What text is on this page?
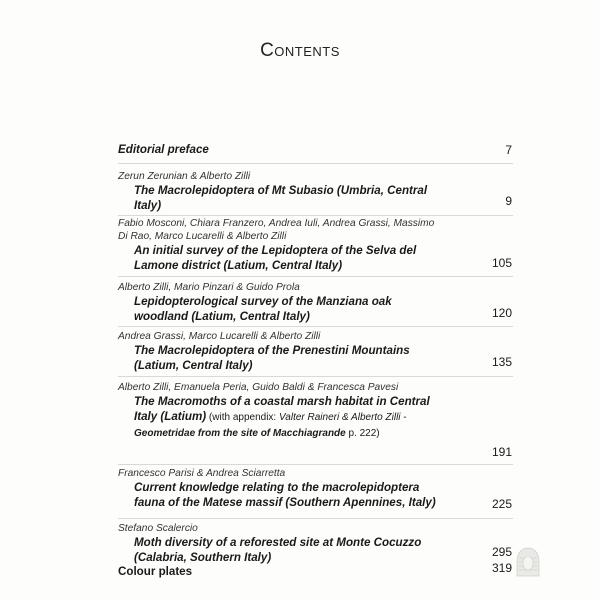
Contents
Editorial preface	7
Zerun Zerunian & Alberto Zilli
The Macrolepidoptera of Mt Subasio (Umbria, Central
Italy)	9
Fabio Mosconi, Chiara Franzero, Andrea Iuli, Andrea Grassi, Massimo
Di Rao, Marco Lucarelli & Alberto Zilli
An initial survey of the Lepidoptera of the Selva del
Lamone district (Latium, Central Italy)	105
Alberto Zilli, Mario Pinzari & Guido Prola
Lepidopterological survey of the Manziana oak
woodland (Latium, Central Italy)	120
Andrea Grassi, Marco Lucarelli & Alberto Zilli
The Macrolepidoptera of the Prenestini Mountains
(Latium, Central Italy)	135
Alberto Zilli, Emanuela Peria, Guido Baldi & Francesca Pavesi
The Macromoths of a coastal marsh habitat in Central
Italy (Latium) (with appendix: Valter Raineri & Alberto Zilli -
Geometridae from the site of Macchiagrande p. 222)
191
Francesco Parisi & Andrea Sciarretta
Current knowledge relating to the macrolepidoptera
fauna of the Matese massif (Southern Apennines, Italy)	225
Stefano Scalercio
Moth diversity of a reforested site at Monte Cocuzzo
(Calabria, Southern Italy)	295
Colour plates	319
